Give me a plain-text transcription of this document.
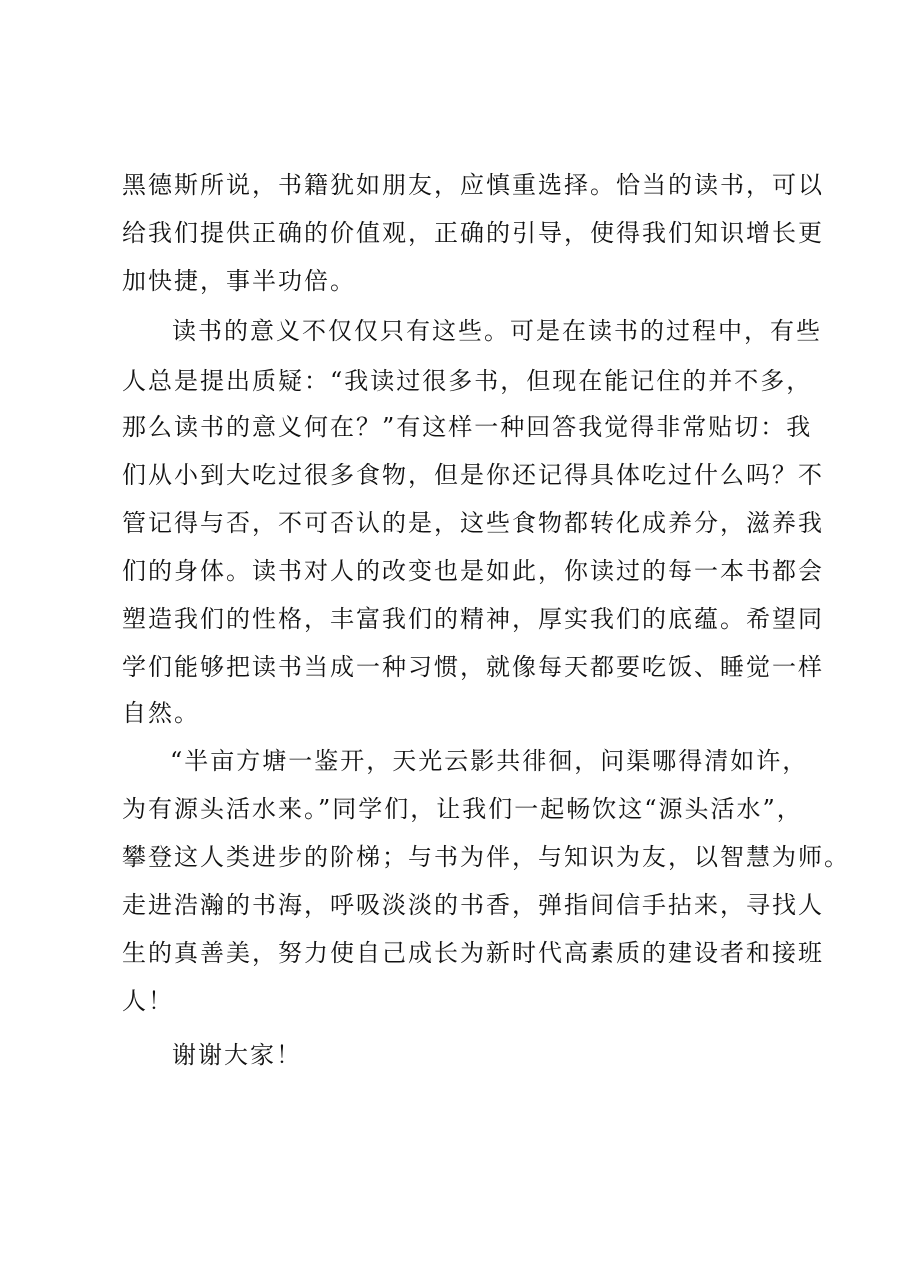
黑德斯所说，书籍犹如朋友，应慎重选择。恰当的读书，可以
给我们提供正确的价值观，正确的引导，使得我们知识增长更
加快捷，事半功倍。
读书的意义不仅仅只有这些。可是在读书的过程中，有些
人总是提出质疑：“我读过很多书，但现在能记住的并不多，
那么读书的意义何在？”有这样一种回答我觉得非常贴切：我
们从小到大吃过很多食物，但是你还记得具体吃过什么吗？不
管记得与否，不可否认的是，这些食物都转化成养分，滋养我
们的身体。读书对人的改变也是如此，你读过的每一本书都会
塑造我们的性格，丰富我们的精神，厚实我们的底蕴。希望同
学们能够把读书当成一种习惯，就像每天都要吃饭、睡觉一样
自然。
“半亩方塘一鉴开，天光云影共徘徊，问渠哪得清如许，
为有源头活水来。”同学们，让我们一起畅饮这“源头活水”，
攀登这人类进步的阶梯；与书为伴，与知识为友，以智慧为师。
走进浩瀚的书海，呼吸淡淡的书香，弹指间信手拈来，寻找人
生的真善美，努力使自己成长为新时代高素质的建设者和接班
人！
谢谢大家！
